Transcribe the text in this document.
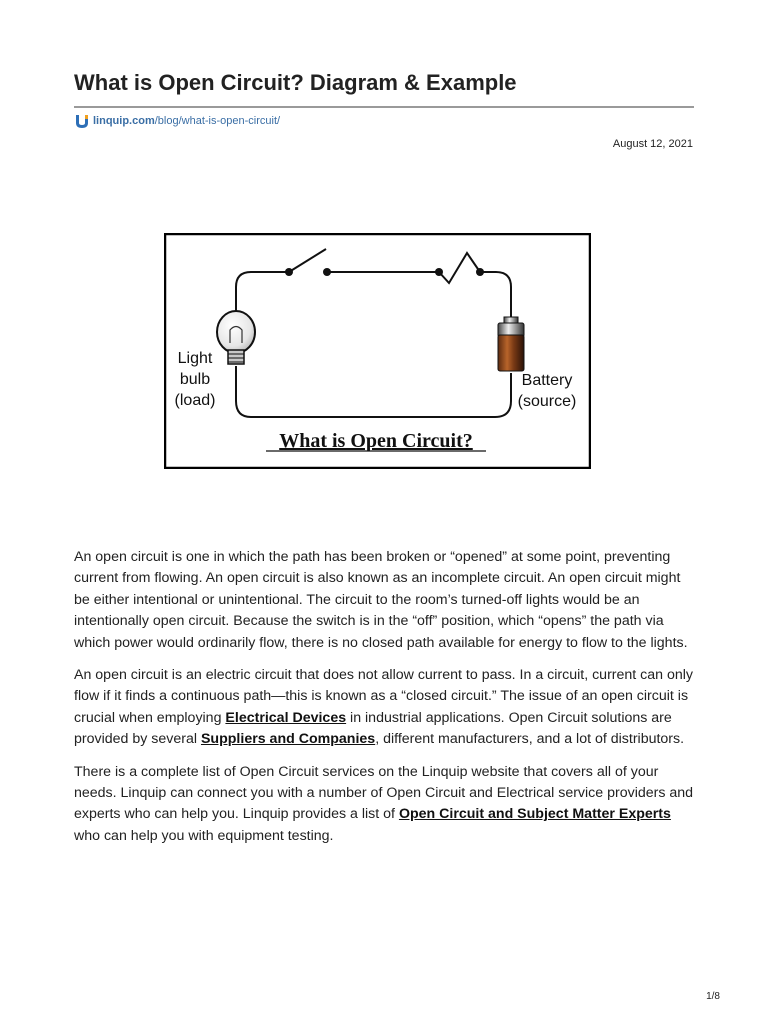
What is Open Circuit? Diagram & Example
linquip.com/blog/what-is-open-circuit/
August 12, 2021
Light
bulb
(load)
Battery
(source)
What is Open Circuit?

An open circuit is one in which the path has been broken or “opened” at some point, preventing current from flowing. An open circuit is also known as an incomplete circuit. An open circuit might be either intentional or unintentional. The circuit to the room’s turned-off lights would be an intentionally open circuit. Because the switch is in the “off” position, which “opens” the path via which power would ordinarily flow, there is no closed path available for energy to flow to the lights.

An open circuit is an electric circuit that does not allow current to pass. In a circuit, current can only flow if it finds a continuous path—this is known as a “closed circuit.” The issue of an open circuit is crucial when employing Electrical Devices in industrial applications. Open Circuit solutions are provided by several Suppliers and Companies, different manufacturers, and a lot of distributors.

There is a complete list of Open Circuit services on the Linquip website that covers all of your needs. Linquip can connect you with a number of Open Circuit and Electrical service providers and experts who can help you. Linquip provides a list of Open Circuit and Subject Matter Experts who can help you with equipment testing.

1/8
